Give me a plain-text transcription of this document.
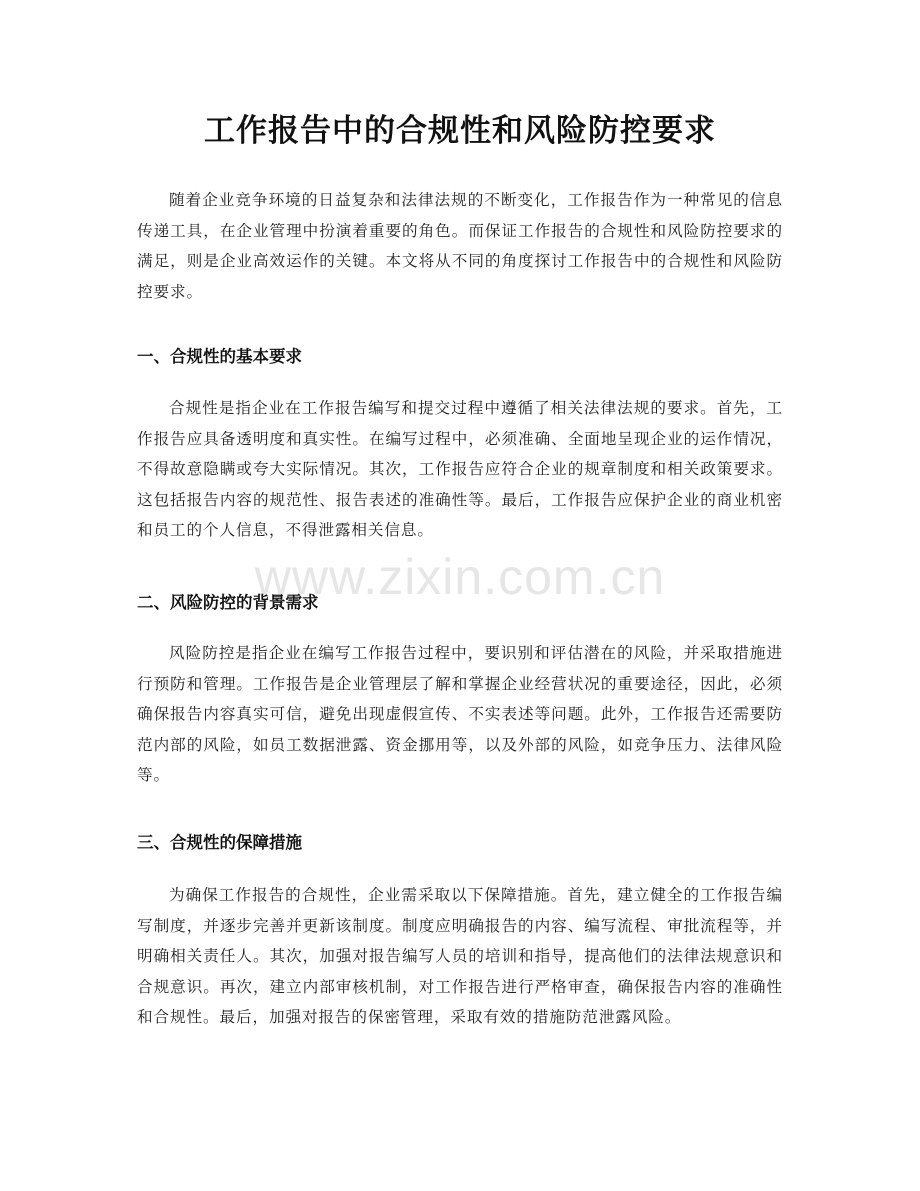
工作报告中的合规性和风险防控要求

随着企业竞争环境的日益复杂和法律法规的不断变化，工作报告作为一种常见的信息传递工具，在企业管理中扮演着重要的角色。而保证工作报告的合规性和风险防控要求的满足，则是企业高效运作的关键。本文将从不同的角度探讨工作报告中的合规性和风险防控要求。

一、合规性的基本要求

合规性是指企业在工作报告编写和提交过程中遵循了相关法律法规的要求。首先，工作报告应具备透明度和真实性。在编写过程中，必须准确、全面地呈现企业的运作情况，不得故意隐瞒或夸大实际情况。其次，工作报告应符合企业的规章制度和相关政策要求。这包括报告内容的规范性、报告表述的准确性等。最后，工作报告应保护企业的商业机密和员工的个人信息，不得泄露相关信息。

二、风险防控的背景需求

风险防控是指企业在编写工作报告过程中，要识别和评估潜在的风险，并采取措施进行预防和管理。工作报告是企业管理层了解和掌握企业经营状况的重要途径，因此，必须确保报告内容真实可信，避免出现虚假宣传、不实表述等问题。此外，工作报告还需要防范内部的风险，如员工数据泄露、资金挪用等，以及外部的风险，如竞争压力、法律风险等。

三、合规性的保障措施

为确保工作报告的合规性，企业需采取以下保障措施。首先，建立健全的工作报告编写制度，并逐步完善并更新该制度。制度应明确报告的内容、编写流程、审批流程等，并明确相关责任人。其次，加强对报告编写人员的培训和指导，提高他们的法律法规意识和合规意识。再次，建立内部审核机制，对工作报告进行严格审查，确保报告内容的准确性和合规性。最后，加强对报告的保密管理，采取有效的措施防范泄露风险。

www.zixin.com.cn
